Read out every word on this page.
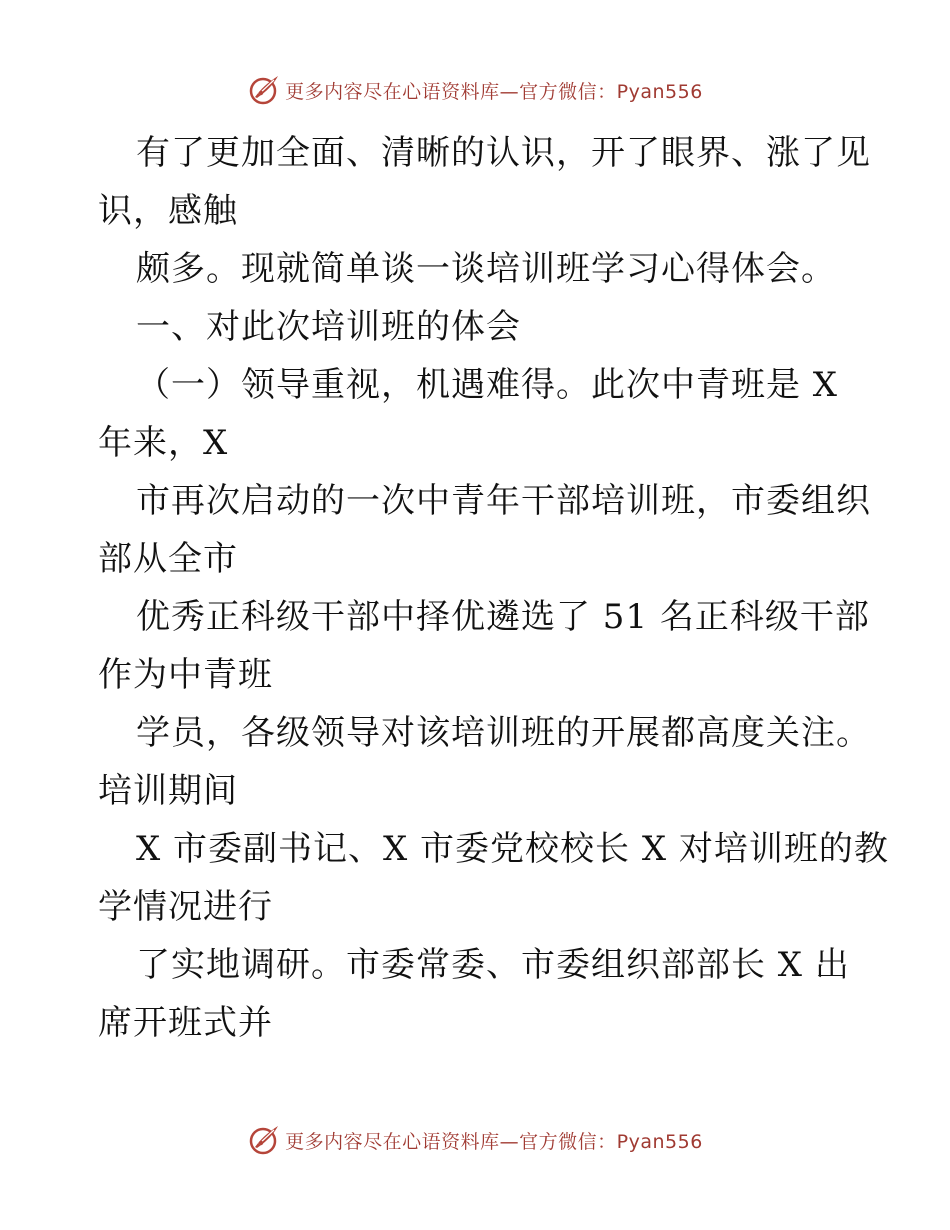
更多内容尽在心语资料库—官方微信：Pyan556
有了更加全面、清晰的认识，开了眼界、涨了见
识，感触
颇多。现就简单谈一谈培训班学习心得体会。
一、对此次培训班的体会
（一）领导重视，机遇难得。此次中青班是 X
年来，X
市再次启动的一次中青年干部培训班，市委组织
部从全市
优秀正科级干部中择优遴选了 51 名正科级干部
作为中青班
学员，各级领导对该培训班的开展都高度关注。
培训期间
X 市委副书记、X 市委党校校长 X 对培训班的教
学情况进行
了实地调研。市委常委、市委组织部部长 X 出
席开班式并
更多内容尽在心语资料库—官方微信：Pyan556
